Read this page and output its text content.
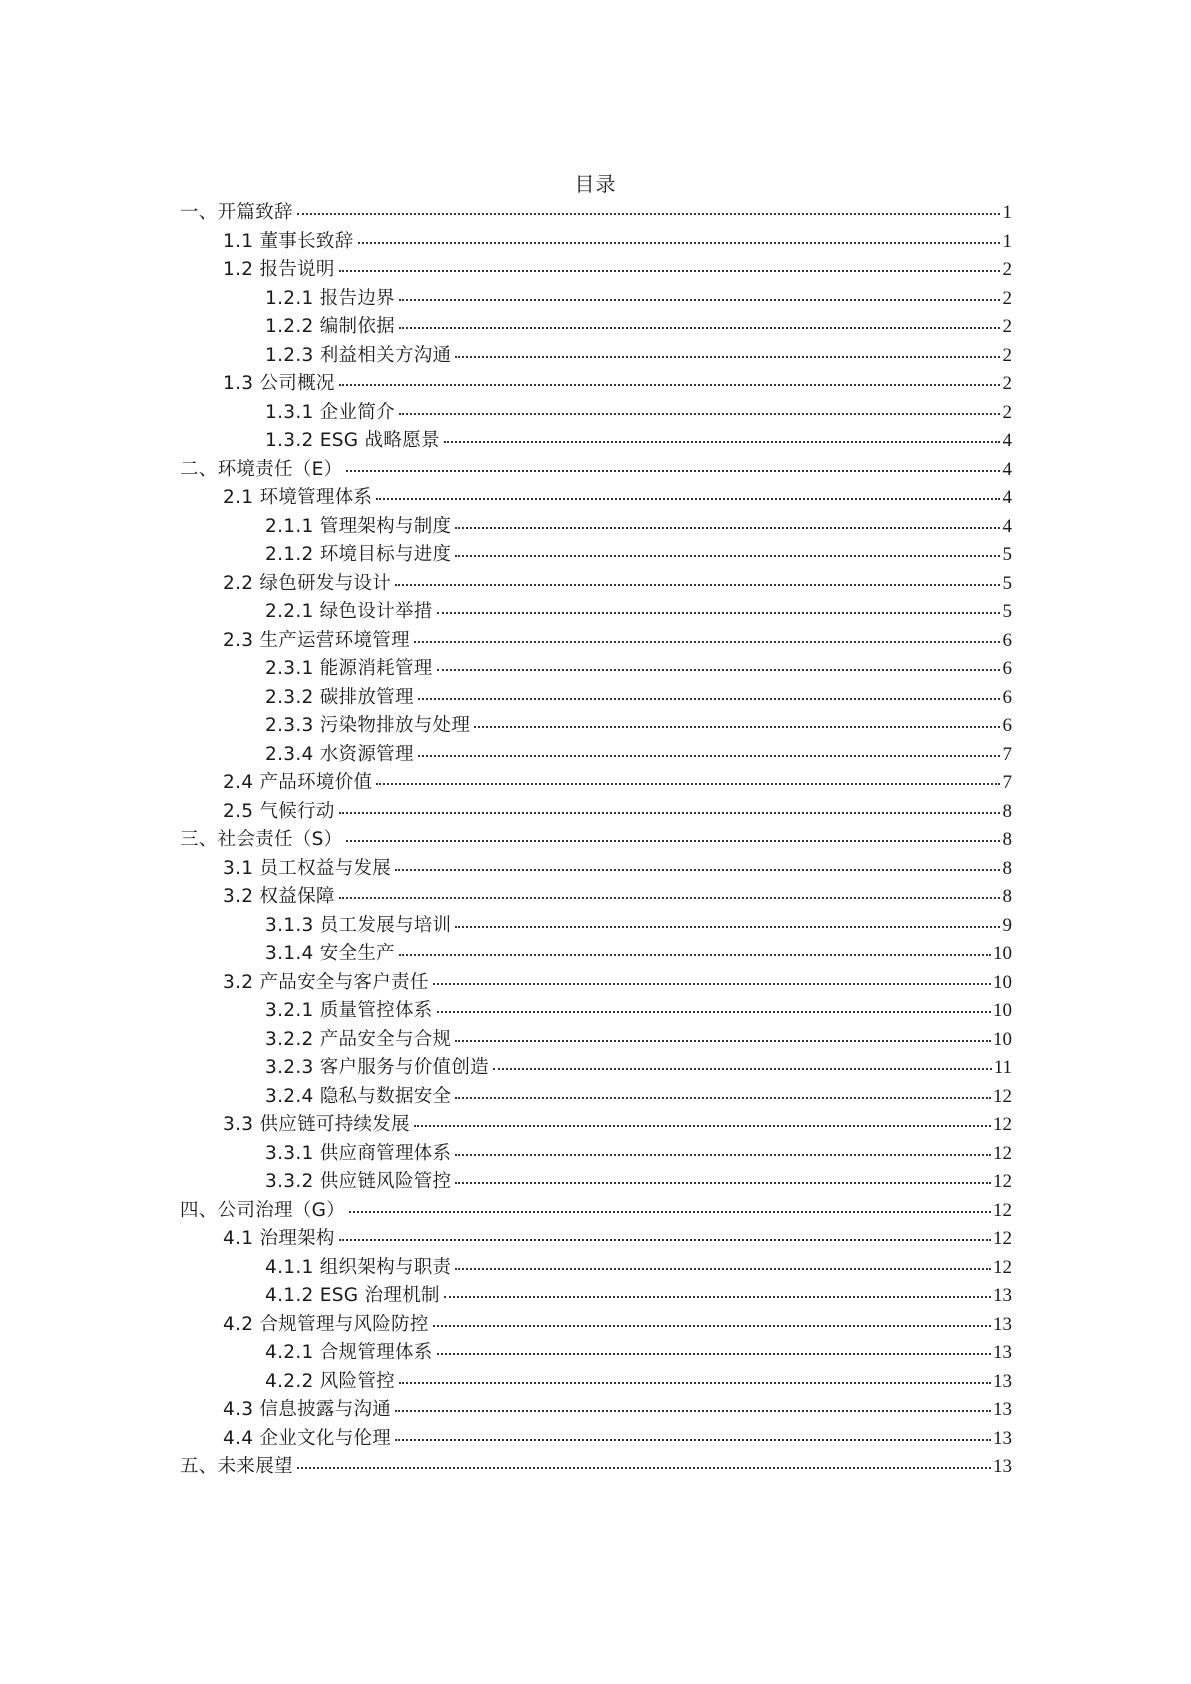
目录
一、开篇致辞	1
1.1 董事长致辞	1
1.2 报告说明	2
1.2.1 报告边界	2
1.2.2 编制依据	2
1.2.3 利益相关方沟通	2
1.3 公司概况	2
1.3.1 企业简介	2
1.3.2 ESG 战略愿景	4
二、环境责任（E）	4
2.1 环境管理体系	4
2.1.1 管理架构与制度	4
2.1.2 环境目标与进度	5
2.2 绿色研发与设计	5
2.2.1 绿色设计举措	5
2.3 生产运营环境管理	6
2.3.1 能源消耗管理	6
2.3.2 碳排放管理	6
2.3.3 污染物排放与处理	6
2.3.4 水资源管理	7
2.4 产品环境价值	7
2.5 气候行动	8
三、社会责任（S）	8
3.1 员工权益与发展	8
3.2 权益保障	8
3.1.3 员工发展与培训	9
3.1.4 安全生产	10
3.2 产品安全与客户责任	10
3.2.1 质量管控体系	10
3.2.2 产品安全与合规	10
3.2.3 客户服务与价值创造	11
3.2.4 隐私与数据安全	12
3.3 供应链可持续发展	12
3.3.1 供应商管理体系	12
3.3.2 供应链风险管控	12
四、公司治理（G）	12
4.1 治理架构	12
4.1.1 组织架构与职责	12
4.1.2 ESG 治理机制	13
4.2 合规管理与风险防控	13
4.2.1 合规管理体系	13
4.2.2 风险管控	13
4.3 信息披露与沟通	13
4.4 企业文化与伦理	13
五、未来展望	13
